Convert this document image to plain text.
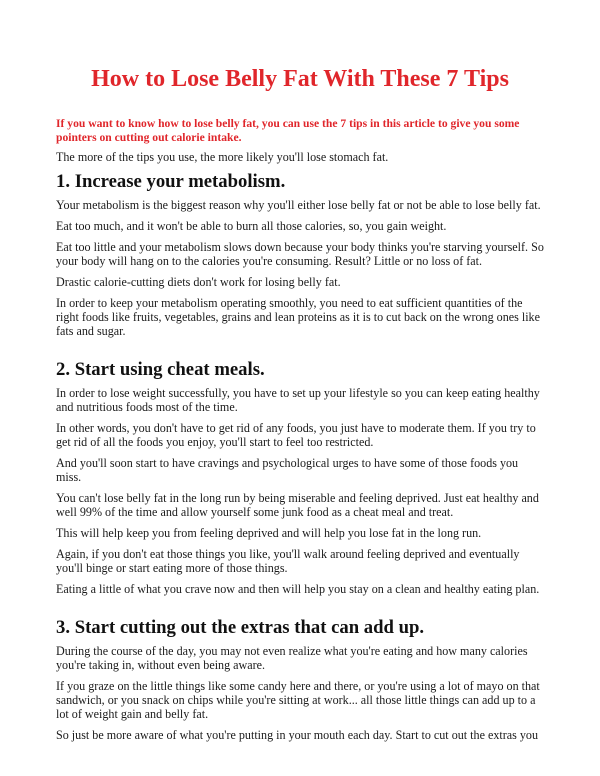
How to Lose Belly Fat With These 7 Tips

If you want to know how to lose belly fat, you can use the 7 tips in this article to give you some pointers on cutting out calorie intake.

The more of the tips you use, the more likely you'll lose stomach fat.

1. Increase your metabolism.

Your metabolism is the biggest reason why you'll either lose belly fat or not be able to lose belly fat.

Eat too much, and it won't be able to burn all those calories, so, you gain weight.

Eat too little and your metabolism slows down because your body thinks you're starving yourself. So your body will hang on to the calories you're consuming. Result? Little or no loss of fat.

Drastic calorie-cutting diets don't work for losing belly fat.

In order to keep your metabolism operating smoothly, you need to eat sufficient quantities of the right foods like fruits, vegetables, grains and lean proteins as it is to cut back on the wrong ones like fats and sugar.

2. Start using cheat meals.

In order to lose weight successfully, you have to set up your lifestyle so you can keep eating healthy and nutritious foods most of the time.

In other words, you don't have to get rid of any foods, you just have to moderate them. If you try to get rid of all the foods you enjoy, you'll start to feel too restricted.

And you'll soon start to have cravings and psychological urges to have some of those foods you miss.

You can't lose belly fat in the long run by being miserable and feeling deprived. Just eat healthy and well 99% of the time and allow yourself some junk food as a cheat meal and treat.

This will help keep you from feeling deprived and will help you lose fat in the long run.

Again, if you don't eat those things you like, you'll walk around feeling deprived and eventually you'll binge or start eating more of those things.

Eating a little of what you crave now and then will help you stay on a clean and healthy eating plan.

3. Start cutting out the extras that can add up.

During the course of the day, you may not even realize what you're eating and how many calories you're taking in, without even being aware.

If you graze on the little things like some candy here and there, or you're using a lot of mayo on that sandwich, or you snack on chips while you're sitting at work... all those little things can add up to a lot of weight gain and belly fat.

So just be more aware of what you're putting in your mouth each day. Start to cut out the extras you
